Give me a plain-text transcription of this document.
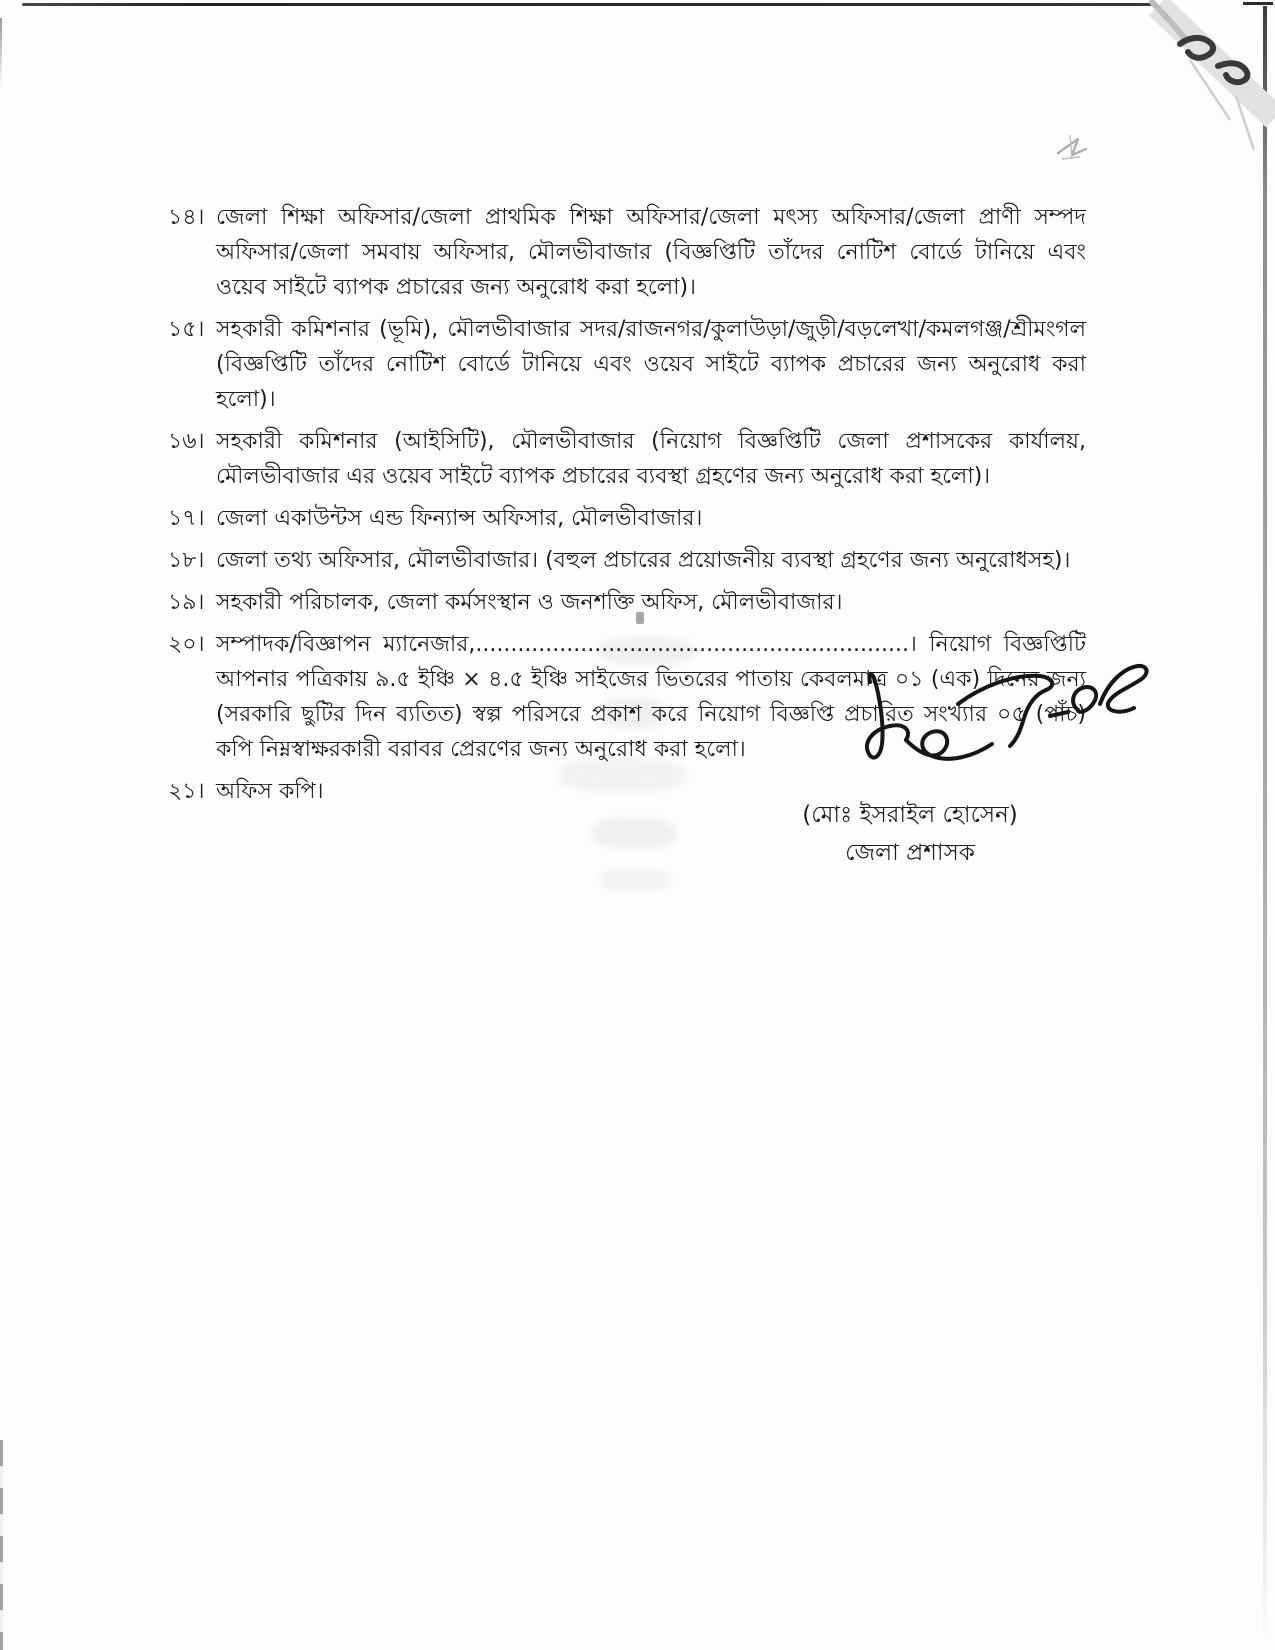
১৪। জেলা শিক্ষা অফিসার/জেলা প্রাথমিক শিক্ষা অফিসার/জেলা মৎস্য অফিসার/জেলা প্রাণী সম্পদ অফিসার/জেলা সমবায় অফিসার, মৌলভীবাজার (বিজ্ঞপ্তিটি তাঁদের নোটিশ বোর্ডে টানিয়ে এবং ওয়েব সাইটে ব্যাপক প্রচারের জন্য অনুরোধ করা হলো)।
১৫। সহকারী কমিশনার (ভূমি), মৌলভীবাজার সদর/রাজনগর/কুলাউড়া/জুড়ী/বড়লেখা/কমলগঞ্জ/শ্রীমংগল (বিজ্ঞপ্তিটি তাঁদের নোটিশ বোর্ডে টানিয়ে এবং ওয়েব সাইটে ব্যাপক প্রচারের জন্য অনুরোধ করা হলো)।
১৬। সহকারী কমিশনার (আইসিটি), মৌলভীবাজার (নিয়োগ বিজ্ঞপ্তিটি জেলা প্রশাসকের কার্যালয়, মৌলভীবাজার এর ওয়েব সাইটে ব্যাপক প্রচারের ব্যবস্থা গ্রহণের জন্য অনুরোধ করা হলো)।
১৭। জেলা একাউন্টস এন্ড ফিন্যান্স অফিসার, মৌলভীবাজার।
১৮। জেলা তথ্য অফিসার, মৌলভীবাজার। (বহুল প্রচারের প্রয়োজনীয় ব্যবস্থা গ্রহণের জন্য অনুরোধসহ)।
১৯। সহকারী পরিচালক, জেলা কর্মসংস্থান ও জনশক্তি অফিস, মৌলভীবাজার।
২০। সম্পাদক/বিজ্ঞাপন ম্যানেজার,..............................................................। নিয়োগ বিজ্ঞপ্তিটি আপনার পত্রিকায় ৯.৫ ইঞ্চি × ৪.৫ ইঞ্চি সাইজের ভিতরের পাতায় কেবলমাত্র ০১ (এক) দিনের জন্য (সরকারি ছুটির দিন ব্যতিত) স্বল্প পরিসরে প্রকাশ করে নিয়োগ বিজ্ঞপ্তি প্রচারিত সংখ্যার ০৫ (পাঁচ) কপি নিম্নস্বাক্ষরকারী বরাবর প্রেরণের জন্য অনুরোধ করা হলো।
২১। অফিস কপি।
(মোঃ ইসরাইল হোসেন)
জেলা প্রশাসক
